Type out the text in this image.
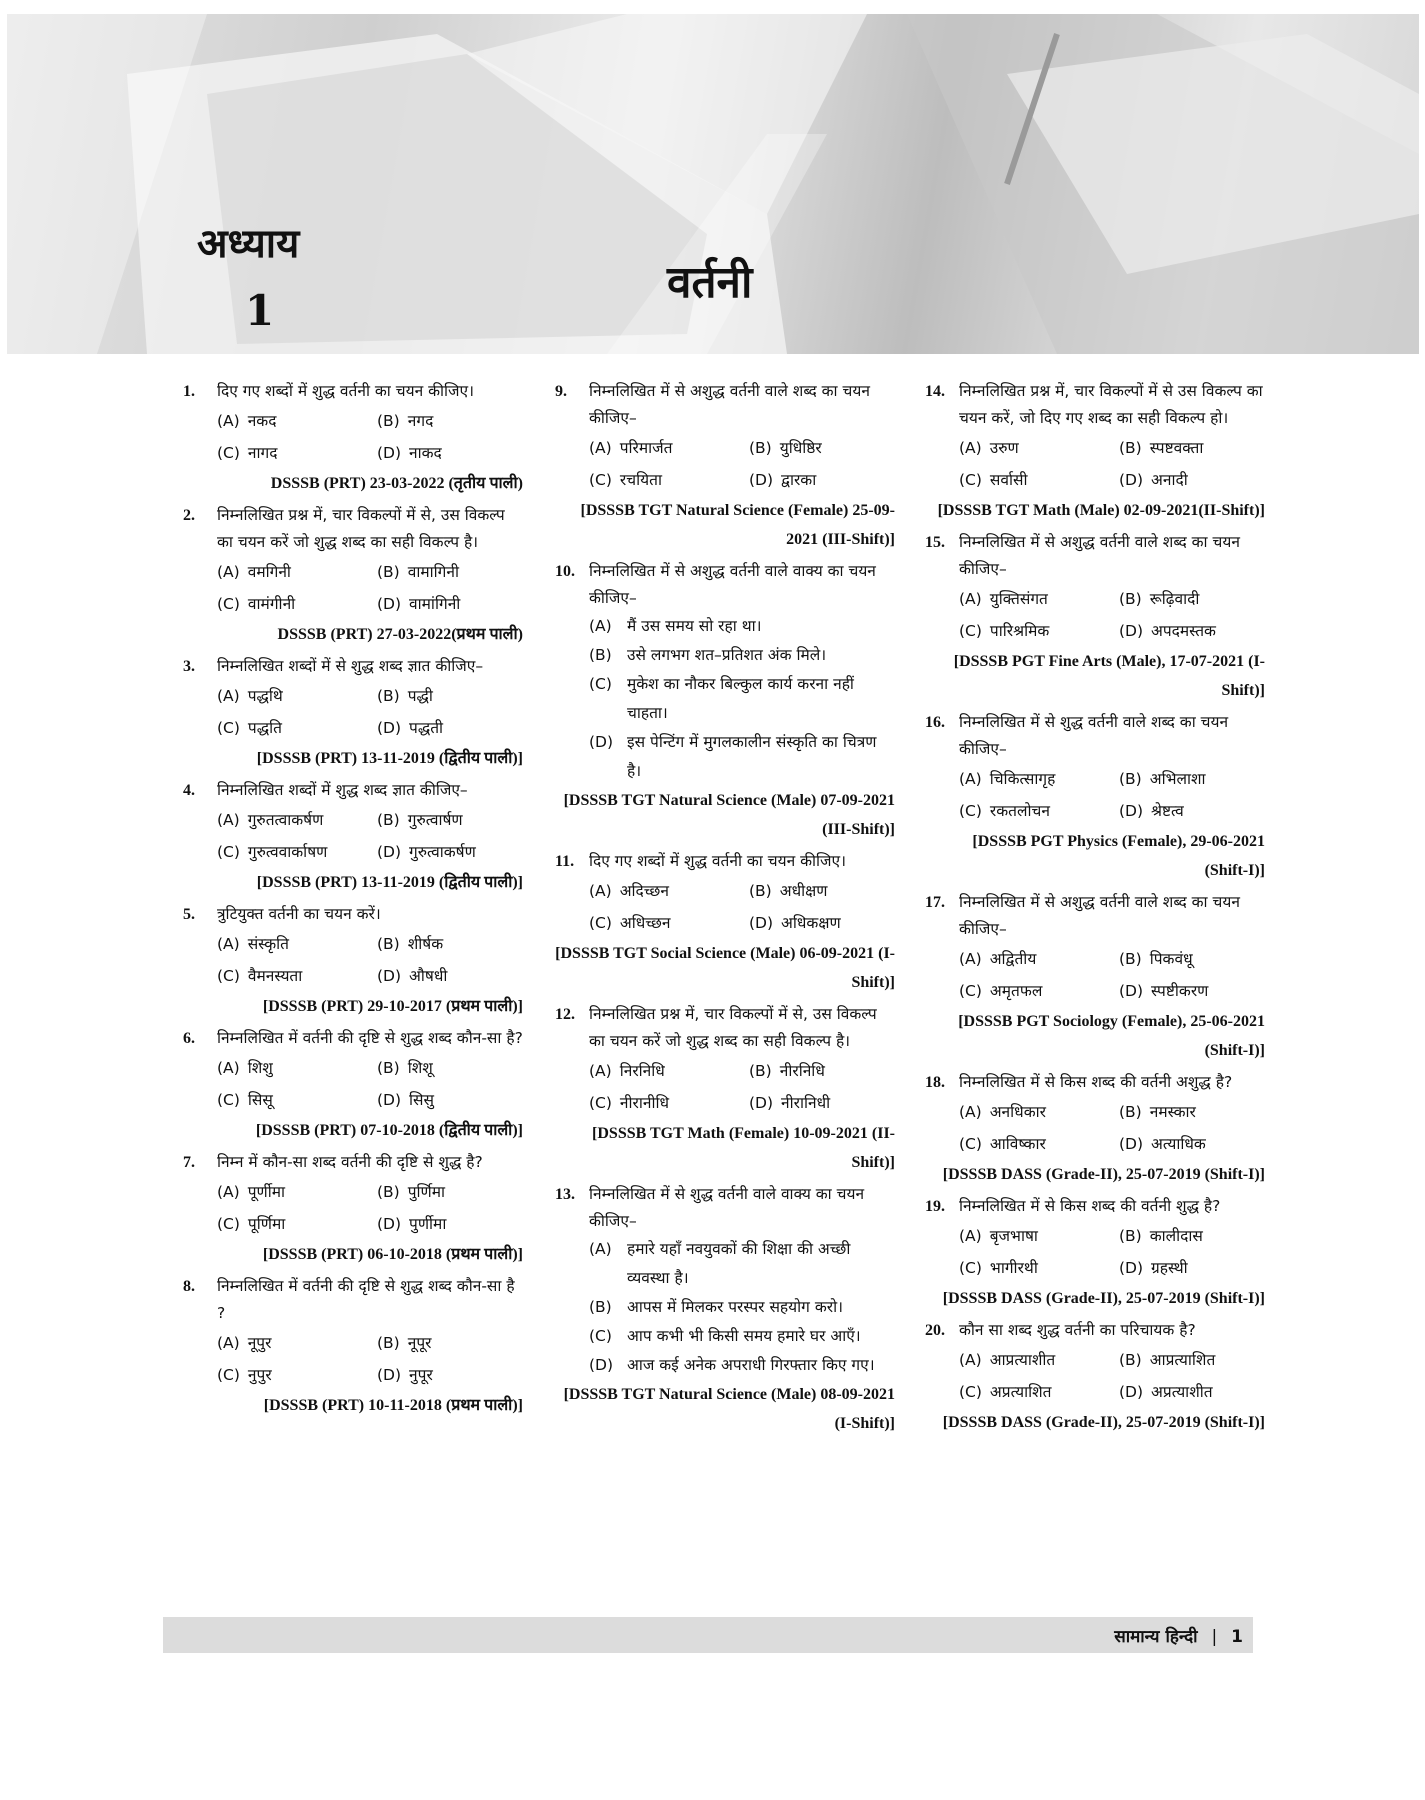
अध्याय
1
वर्तनी
1. दिए गए शब्दों में शुद्ध वर्तनी का चयन कीजिए।
(A) नकद	(B) नगद
(C) नागद	(D) नाकद
DSSSB (PRT) 23-03-2022 (तृतीय पाली)
2. निम्नलिखित प्रश्न में, चार विकल्पों में से, उस विकल्प का चयन करें जो शुद्ध शब्द का सही विकल्प है।
(A) वमगिनी	(B) वामागिनी
(C) वामंगीनी	(D) वामांगिनी
DSSSB (PRT) 27-03-2022(प्रथम पाली)
3. निम्नलिखित शब्दों में से शुद्ध शब्द ज्ञात कीजिए–
(A) पद्धथि	(B) पद्धी
(C) पद्धति	(D) पद्धती
[DSSSB (PRT) 13-11-2019 (द्वितीय पाली)]
4. निम्नलिखित शब्दों में शुद्ध शब्द ज्ञात कीजिए–
(A) गुरुतत्वाकर्षण	(B) गुरुत्वार्षण
(C) गुरुत्ववार्काषण	(D) गुरुत्वाकर्षण
[DSSSB (PRT) 13-11-2019 (द्वितीय पाली)]
5. त्रुटियुक्त वर्तनी का चयन करें।
(A) संस्कृति	(B) शीर्षक
(C) वैमनस्यता	(D) औषधी
[DSSSB (PRT) 29-10-2017 (प्रथम पाली)]
6. निम्नलिखित में वर्तनी की दृष्टि से शुद्ध शब्द कौन-सा है?
(A) शिशु	(B) शिशू
(C) सिसू	(D) सिसु
[DSSSB (PRT) 07-10-2018 (द्वितीय पाली)]
7. निम्न में कौन-सा शब्द वर्तनी की दृष्टि से शुद्ध है?
(A) पूर्णीमा	(B) पुर्णिमा
(C) पूर्णिमा	(D) पुर्णीमा
[DSSSB (PRT) 06-10-2018 (प्रथम पाली)]
8. निम्नलिखित में वर्तनी की दृष्टि से शुद्ध शब्द कौन-सा है ?
(A) नूपुर	(B) नूपूर
(C) नुपुर	(D) नुपूर
[DSSSB (PRT) 10-11-2018 (प्रथम पाली)]
9. निम्नलिखित में से अशुद्ध वर्तनी वाले शब्द का चयन कीजिए–
(A) परिमार्जत	(B) युधिष्ठिर
(C) रचयिता	(D) द्वारका
[DSSSB TGT Natural Science (Female) 25-09-2021 (III-Shift)]
10. निम्नलिखित में से अशुद्ध वर्तनी वाले वाक्य का चयन कीजिए–
(A) मैं उस समय सो रहा था।
(B) उसे लगभग शत–प्रतिशत अंक मिले।
(C) मुकेश का नौकर बिल्कुल कार्य करना नहीं चाहता।
(D) इस पेन्टिंग में मुगलकालीन संस्कृति का चित्रण है।
[DSSSB TGT Natural Science (Male) 07-09-2021 (III-Shift)]
11. दिए गए शब्दों में शुद्ध वर्तनी का चयन कीजिए।
(A) अदिच्छन	(B) अधीक्षण
(C) अधिच्छन	(D) अधिकक्षण
[DSSSB TGT Social Science (Male) 06-09-2021 (I-Shift)]
12. निम्नलिखित प्रश्न में, चार विकल्पों में से, उस विकल्प का चयन करें जो शुद्ध शब्द का सही विकल्प है।
(A) निरनिधि	(B) नीरनिधि
(C) नीरानीधि	(D) नीरानिधी
[DSSSB TGT Math (Female) 10-09-2021 (II-Shift)]
13. निम्नलिखित में से शुद्ध वर्तनी वाले वाक्य का चयन कीजिए–
(A) हमारे यहाँ नवयुवकों की शिक्षा की अच्छी व्यवस्था है।
(B) आपस में मिलकर परस्पर सहयोग करो।
(C) आप कभी भी किसी समय हमारे घर आएँ।
(D) आज कई अनेक अपराधी गिरफ्तार किए गए।
[DSSSB TGT Natural Science (Male) 08-09-2021 (I-Shift)]
14. निम्नलिखित प्रश्न में, चार विकल्पों में से उस विकल्प का चयन करें, जो दिए गए शब्द का सही विकल्प हो।
(A) उरुण	(B) स्पष्टवक्ता
(C) सर्वासी	(D) अनादी
[DSSSB TGT Math (Male) 02-09-2021(II-Shift)]
15. निम्नलिखित में से अशुद्ध वर्तनी वाले शब्द का चयन कीजिए–
(A) युक्तिसंगत	(B) रूढ़िवादी
(C) पारिश्रमिक	(D) अपदमस्तक
[DSSSB PGT Fine Arts (Male), 17-07-2021 (I-Shift)]
16. निम्नलिखित में से शुद्ध वर्तनी वाले शब्द का चयन कीजिए–
(A) चिकित्सागृह	(B) अभिलाशा
(C) रकतलोचन	(D) श्रेष्टत्व
[DSSSB PGT Physics (Female), 29-06-2021 (Shift-I)]
17. निम्नलिखित में से अशुद्ध वर्तनी वाले शब्द का चयन कीजिए–
(A) अद्वितीय	(B) पिकवंधू
(C) अमृतफल	(D) स्पष्टीकरण
[DSSSB PGT Sociology (Female), 25-06-2021 (Shift-I)]
18. निम्नलिखित में से किस शब्द की वर्तनी अशुद्ध है?
(A) अनधिकार	(B) नमस्कार
(C) आविष्कार	(D) अत्याधिक
[DSSSB DASS (Grade-II), 25-07-2019 (Shift-I)]
19. निम्नलिखित में से किस शब्द की वर्तनी शुद्ध है?
(A) बृजभाषा	(B) कालीदास
(C) भागीरथी	(D) ग्रहस्थी
[DSSSB DASS (Grade-II), 25-07-2019 (Shift-I)]
20. कौन सा शब्द शुद्ध वर्तनी का परिचायक है?
(A) आप्रत्याशीत	(B) आप्रत्याशित
(C) अप्रत्याशित	(D) अप्रत्याशीत
[DSSSB DASS (Grade-II), 25-07-2019 (Shift-I)]
सामान्य हिन्दी | 1
